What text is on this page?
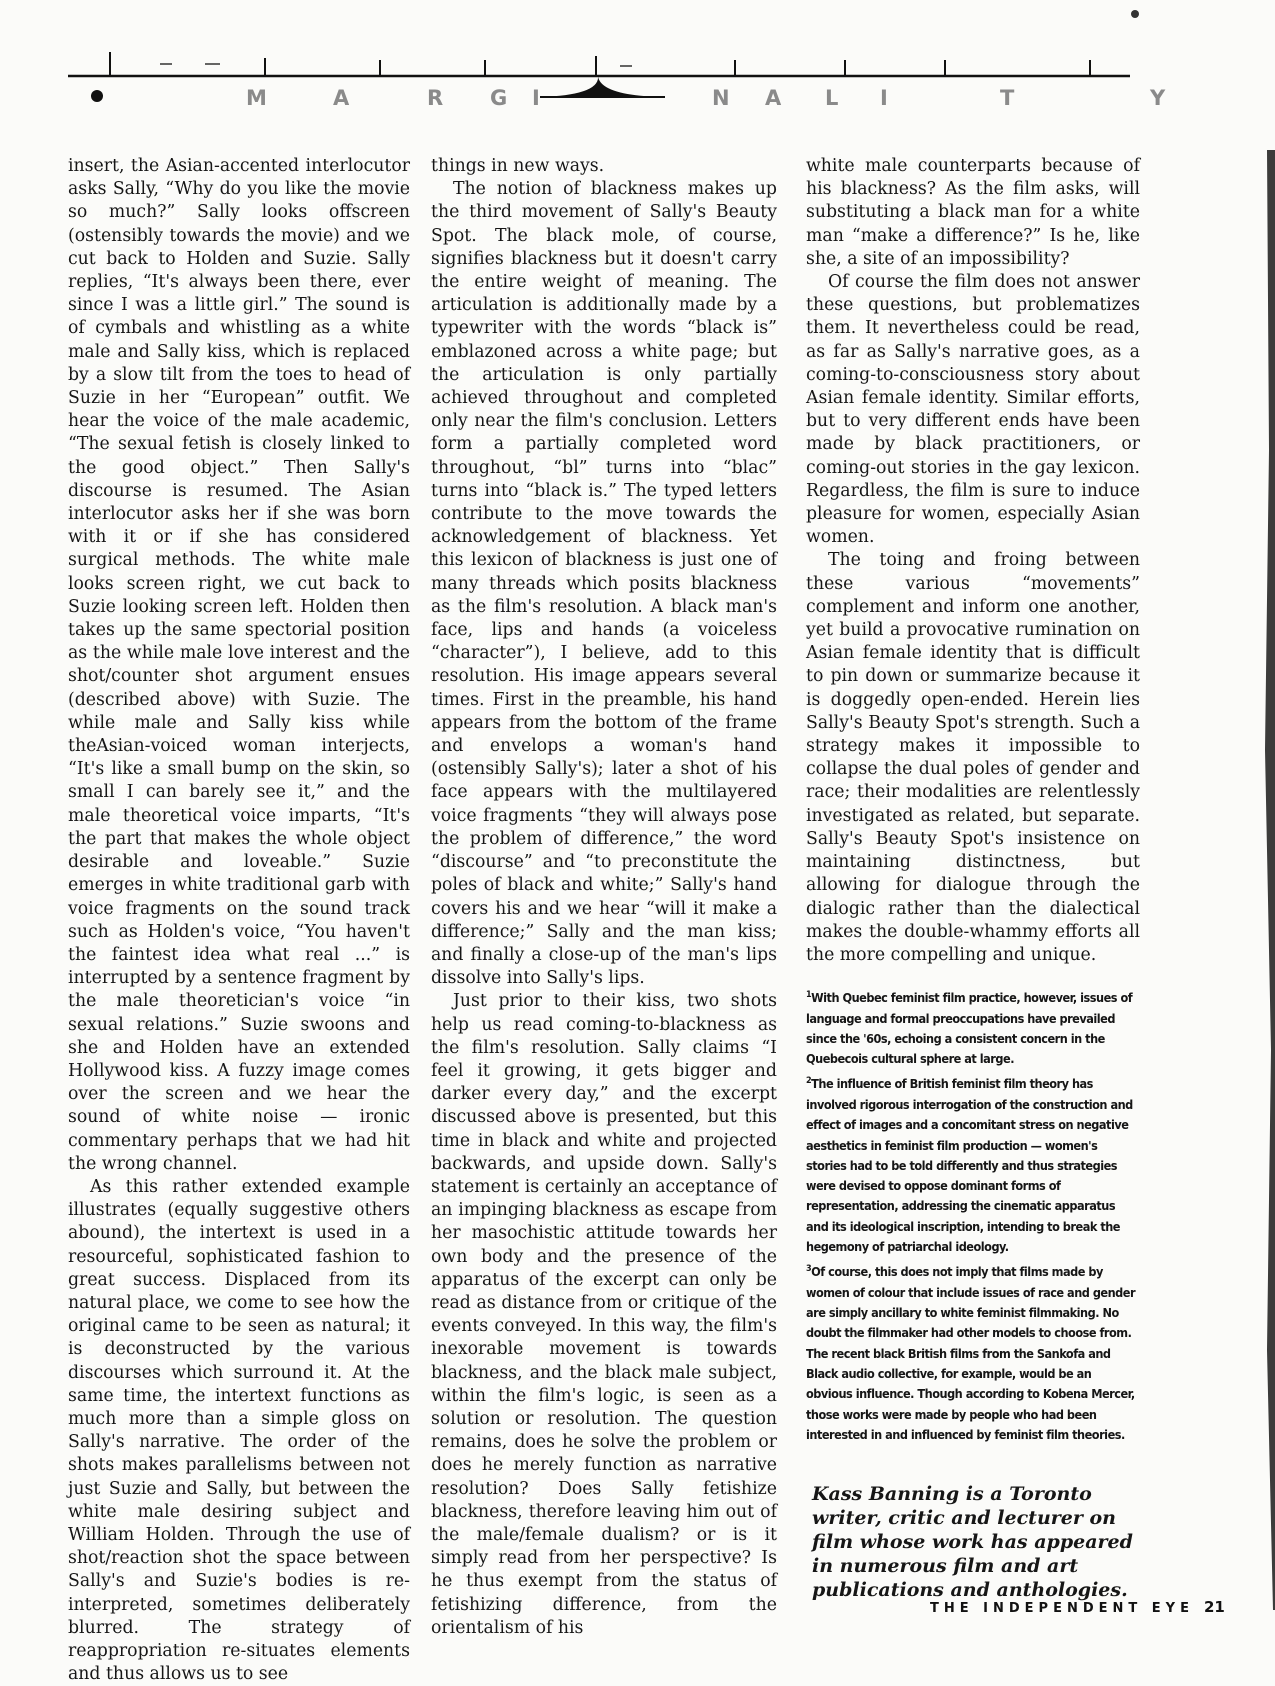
M	A	R G I	N A L I	T	Y

insert, the Asian-accented interlocutor asks Sally, “Why do you like the movie so much?” Sally looks offscreen (ostensibly towards the movie) and we cut back to Holden and Suzie. Sally replies, “It's always been there, ever since I was a little girl.” The sound is of cymbals and whistling as a white male and Sally kiss, which is replaced by a slow tilt from the toes to head of Suzie in her “European” outfit. We hear the voice of the male academic, “The sexual fetish is closely linked to the good object.” Then Sally's discourse is resumed. The Asian interlocutor asks her if she was born with it or if she has considered surgical methods. The white male looks screen right, we cut back to Suzie looking screen left. Holden then takes up the same spectorial position as the while male love interest and the shot/counter shot argument ensues (described above) with Suzie. The while male and Sally kiss while theAsian-voiced woman interjects, “It's like a small bump on the skin, so small I can barely see it,” and the male theoretical voice imparts, “It's the part that makes the whole object desirable and loveable.” Suzie emerges in white traditional garb with voice fragments on the sound track such as Holden's voice, “You haven't the faintest idea what real ...” is interrupted by a sentence fragment by the male theoretician's voice “in sexual relations.” Suzie swoons and she and Holden have an extended Hollywood kiss. A fuzzy image comes over the screen and we hear the sound of white noise — ironic commentary perhaps that we had hit the wrong channel.

As this rather extended example illustrates (equally suggestive others abound), the intertext is used in a resourceful, sophisticated fashion to great success. Displaced from its natural place, we come to see how the original came to be seen as natural; it is deconstructed by the various discourses which surround it. At the same time, the intertext functions as much more than a simple gloss on Sally's narrative. The order of the shots makes parallelisms between not just Suzie and Sally, but between the white male desiring subject and William Holden. Through the use of shot/reaction shot the space between Sally's and Suzie's bodies is re-interpreted, sometimes deliberately blurred. The strategy of reappropriation re-situates elements and thus allows us to see

things in new ways.

The notion of blackness makes up the third movement of Sally's Beauty Spot. The black mole, of course, signifies blackness but it doesn't carry the entire weight of meaning. The articulation is additionally made by a typewriter with the words “black is” emblazoned across a white page; but the articulation is only partially achieved throughout and completed only near the film's conclusion. Letters form a partially completed word throughout, “bl” turns into “blac” turns into “black is.” The typed letters contribute to the move towards the acknowledgement of blackness. Yet this lexicon of blackness is just one of many threads which posits blackness as the film's resolution. A black man's face, lips and hands (a voiceless “character”), I believe, add to this resolution. His image appears several times. First in the preamble, his hand appears from the bottom of the frame and envelops a woman's hand (ostensibly Sally's); later a shot of his face appears with the multilayered voice fragments “they will always pose the problem of difference,” the word “discourse” and “to preconstitute the poles of black and white;” Sally's hand covers his and we hear “will it make a difference;” Sally and the man kiss; and finally a close-up of the man's lips dissolve into Sally's lips.

Just prior to their kiss, two shots help us read coming-to-blackness as the film's resolution. Sally claims “I feel it growing, it gets bigger and darker every day,” and the excerpt discussed above is presented, but this time in black and white and projected backwards, and upside down. Sally's statement is certainly an acceptance of an impinging blackness as escape from her masochistic attitude towards her own body and the presence of the apparatus of the excerpt can only be read as distance from or critique of the events conveyed. In this way, the film's inexorable movement is towards blackness, and the black male subject, within the film's logic, is seen as a solution or resolution. The question remains, does he solve the problem or does he merely function as narrative resolution? Does Sally fetishize blackness, therefore leaving him out of the male/female dualism? or is it simply read from her perspective? Is he thus exempt from the status of fetishizing difference, from the orientalism of his

white male counterparts because of his blackness? As the film asks, will substituting a black man for a white man “make a difference?” Is he, like she, a site of an impossibility?

Of course the film does not answer these questions, but problematizes them. It nevertheless could be read, as far as Sally's narrative goes, as a coming-to-consciousness story about Asian female identity. Similar efforts, but to very different ends have been made by black practitioners, or coming-out stories in the gay lexicon. Regardless, the film is sure to induce pleasure for women, especially Asian women.

The toing and froing between these various “movements” complement and inform one another, yet build a provocative rumination on Asian female identity that is difficult to pin down or summarize because it is doggedly open-ended. Herein lies Sally's Beauty Spot's strength. Such a strategy makes it impossible to collapse the dual poles of gender and race; their modalities are relentlessly investigated as related, but separate. Sally's Beauty Spot's insistence on maintaining distinctness, but allowing for dialogue through the dialogic rather than the dialectical makes the double-whammy efforts all the more compelling and unique.

$^1$With Quebec feminist film practice, however, issues of language and formal preoccupations have prevailed since the '60s, echoing a consistent concern in the Quebecois cultural sphere at large.

$^2$The influence of British feminist film theory has involved rigorous interrogation of the construction and effect of images and a concomitant stress on negative aesthetics in feminist film production — women's stories had to be told differently and thus strategies were devised to oppose dominant forms of representation, addressing the cinematic apparatus and its ideological inscription, intending to break the hegemony of patriarchal ideology.

$^3$Of course, this does not imply that films made by women of colour that include issues of race and gender are simply ancillary to white feminist filmmaking. No doubt the filmmaker had other models to choose from. The recent black British films from the Sankofa and Black audio collective, for example, would be an obvious influence. Though according to Kobena Mercer, those works were made by people who had been interested in and influenced by feminist film theories.

Kass Banning is a Toronto writer, critic and lecturer on film whose work has appeared in numerous film and art publications and anthologies.
THE INDEPENDENT EYE 21
